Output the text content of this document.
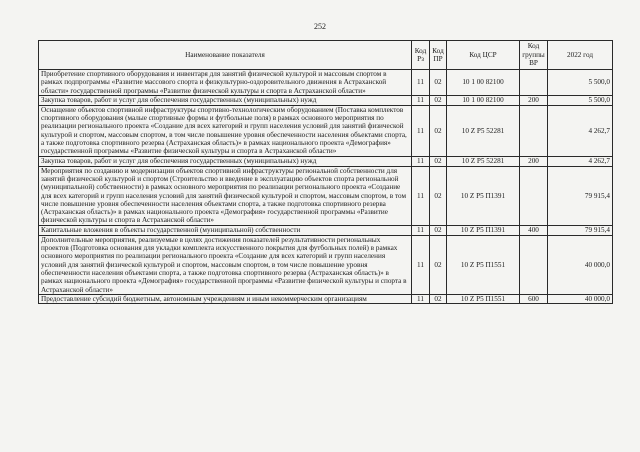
252
Наименование показателя	Код Рз	Код ПР	Код ЦСР	Код группы ВР	2022 год
Приобретение спортивного оборудования и инвентаря для занятий физической культурой и массовым спортом в рамках подпрограммы «Развитие массового спорта и физкультурно-оздоровительного движения в Астраханской области» государственной программы «Развитие физической культуры и спорта в Астраханской области»	11	02	10 1 00 82100		5 500,0
Закупка товаров, работ и услуг для обеспечения государственных (муниципальных) нужд	11	02	10 1 00 82100	200	5 500,0
Оснащение объектов спортивной инфраструктуры спортивно-технологическим оборудованием (Поставка комплектов спортивного оборудования (малые спортивные формы и футбольные поля) в рамках основного мероприятия по реализации регионального проекта «Создание для всех категорий и групп населения условий для занятий физической культурой и спортом, массовым спортом, в том числе повышение уровня обеспеченности населения объектами спорта, а также подготовка спортивного резерва (Астраханская область)» в рамках национального проекта «Демография» государственной программы «Развитие физической культуры и спорта в Астраханской области»	11	02	10 Z P5 52281		4 262,7
Закупка товаров, работ и услуг для обеспечения государственных (муниципальных) нужд	11	02	10 Z P5 52281	200	4 262,7
Мероприятия по созданию и модернизации объектов спортивной инфраструктуры региональной собственности для занятий физической культурой и спортом (Строительство и введение в эксплуатацию объектов спорта региональной (муниципальной) собственности) в рамках основного мероприятия по реализации регионального проекта «Создание для всех категорий и групп населения условий для занятий физической культурой и спортом, массовым спортом, в том числе повышение уровня обеспеченности населения объектами спорта, а также подготовка спортивного резерва (Астраханская область)» в рамках национального проекта «Демография» государственной программы «Развитие физической культуры и спорта в Астраханской области»	11	02	10 Z P5 П1391		79 915,4
Капитальные вложения в объекты государственной (муниципальной) собственности	11	02	10 Z P5 П1391	400	79 915,4
Дополнительные мероприятия, реализуемые в целях достижения показателей результативности региональных проектов (Подготовка основания для укладки комплекта искусственного покрытия для футбольных полей) в рамках основного мероприятия по реализации регионального проекта «Создание для всех категорий и групп населения условий для занятий физической культурой и спортом, массовым спортом, в том числе повышение уровня обеспеченности населения объектами спорта, а также подготовка спортивного резерва (Астраханская область)» в рамках национального проекта «Демография» государственной программы «Развитие физической культуры и спорта в Астраханской области»	11	02	10 Z P5 П1551		40 000,0
Предоставление субсидий бюджетным, автономным учреждениям и иным некоммерческим организациям	11	02	10 Z P5 П1551	600	40 000,0
